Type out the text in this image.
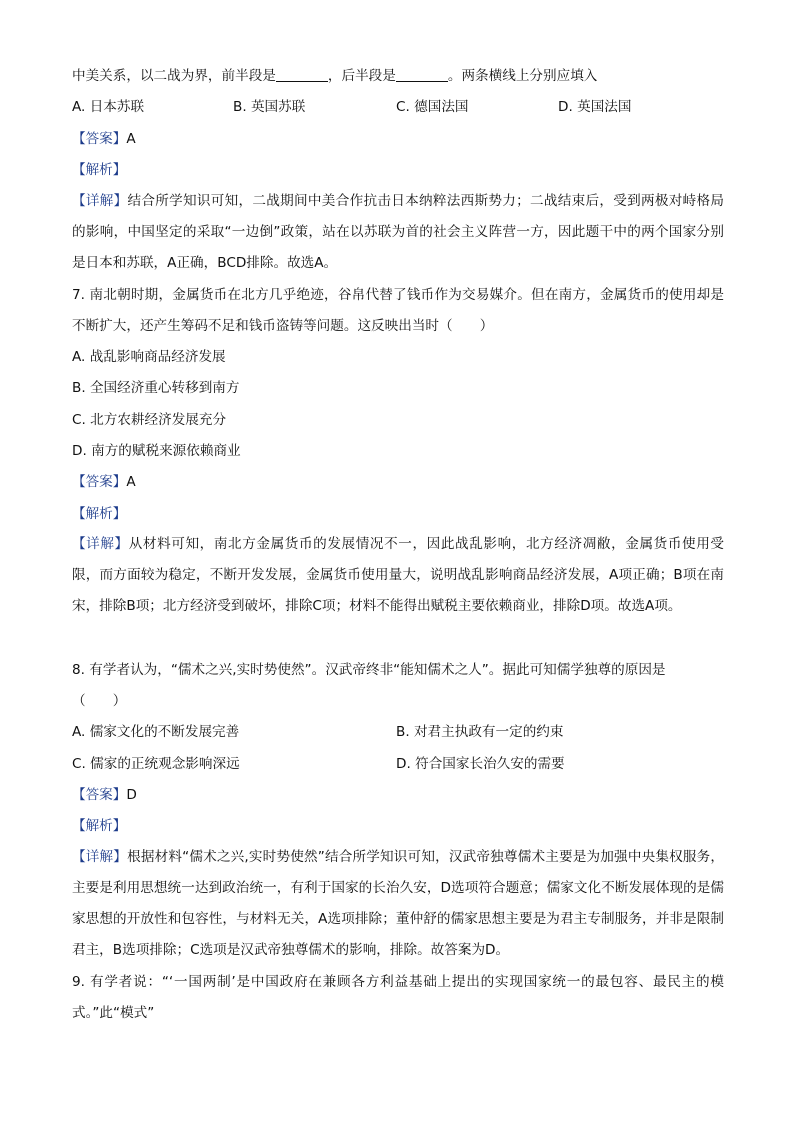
中美关系，以二战为界，前半段是	，后半段是	。两条横线上分别应填入
A. 日本苏联	B. 英国苏联	C. 德国法国	D. 英国法国
【答案】A
【解析】
【详解】结合所学知识可知，二战期间中美合作抗击日本纳粹法西斯势力；二战结束后，受到两极对峙格局的影响，中国坚定的采取“一边倒”政策，站在以苏联为首的社会主义阵营一方，因此题干中的两个国家分别是日本和苏联，A正确，BCD排除。故选A。
7. 南北朝时期，金属货币在北方几乎绝迹，谷帛代替了钱币作为交易媒介。但在南方，金属货币的使用却是不断扩大，还产生筹码不足和钱币盗铸等问题。这反映出当时（　　）
A. 战乱影响商品经济发展
B. 全国经济重心转移到南方
C. 北方农耕经济发展充分
D. 南方的赋税来源依赖商业
【答案】A
【解析】
【详解】从材料可知，南北方金属货币的发展情况不一，因此战乱影响，北方经济凋敝，金属货币使用受限，而方面较为稳定，不断开发发展，金属货币使用量大，说明战乱影响商品经济发展，A项正确；B项在南宋，排除B项；北方经济受到破坏，排除C项；材料不能得出赋税主要依赖商业，排除D项。故选A项。
8. 有学者认为，“儒术之兴,实时势使然”。汉武帝终非“能知儒术之人”。据此可知儒学独尊的原因是
（　　）
A. 儒家文化的不断发展完善	B. 对君主执政有一定的约束
C. 儒家的正统观念影响深远	D. 符合国家长治久安的需要
【答案】D
【解析】
【详解】根据材料“儒术之兴,实时势使然”结合所学知识可知，汉武帝独尊儒术主要是为加强中央集权服务，主要是利用思想统一达到政治统一，有利于国家的长治久安，D选项符合题意；儒家文化不断发展体现的是儒家思想的开放性和包容性，与材料无关，A选项排除；董仲舒的儒家思想主要是为君主专制服务，并非是限制君主，B选项排除；C选项是汉武帝独尊儒术的影响，排除。故答案为D。
9. 有学者说：“‘一国两制’是中国政府在兼顾各方利益基础上提出的实现国家统一的最包容、最民主的模式。”此“模式”
